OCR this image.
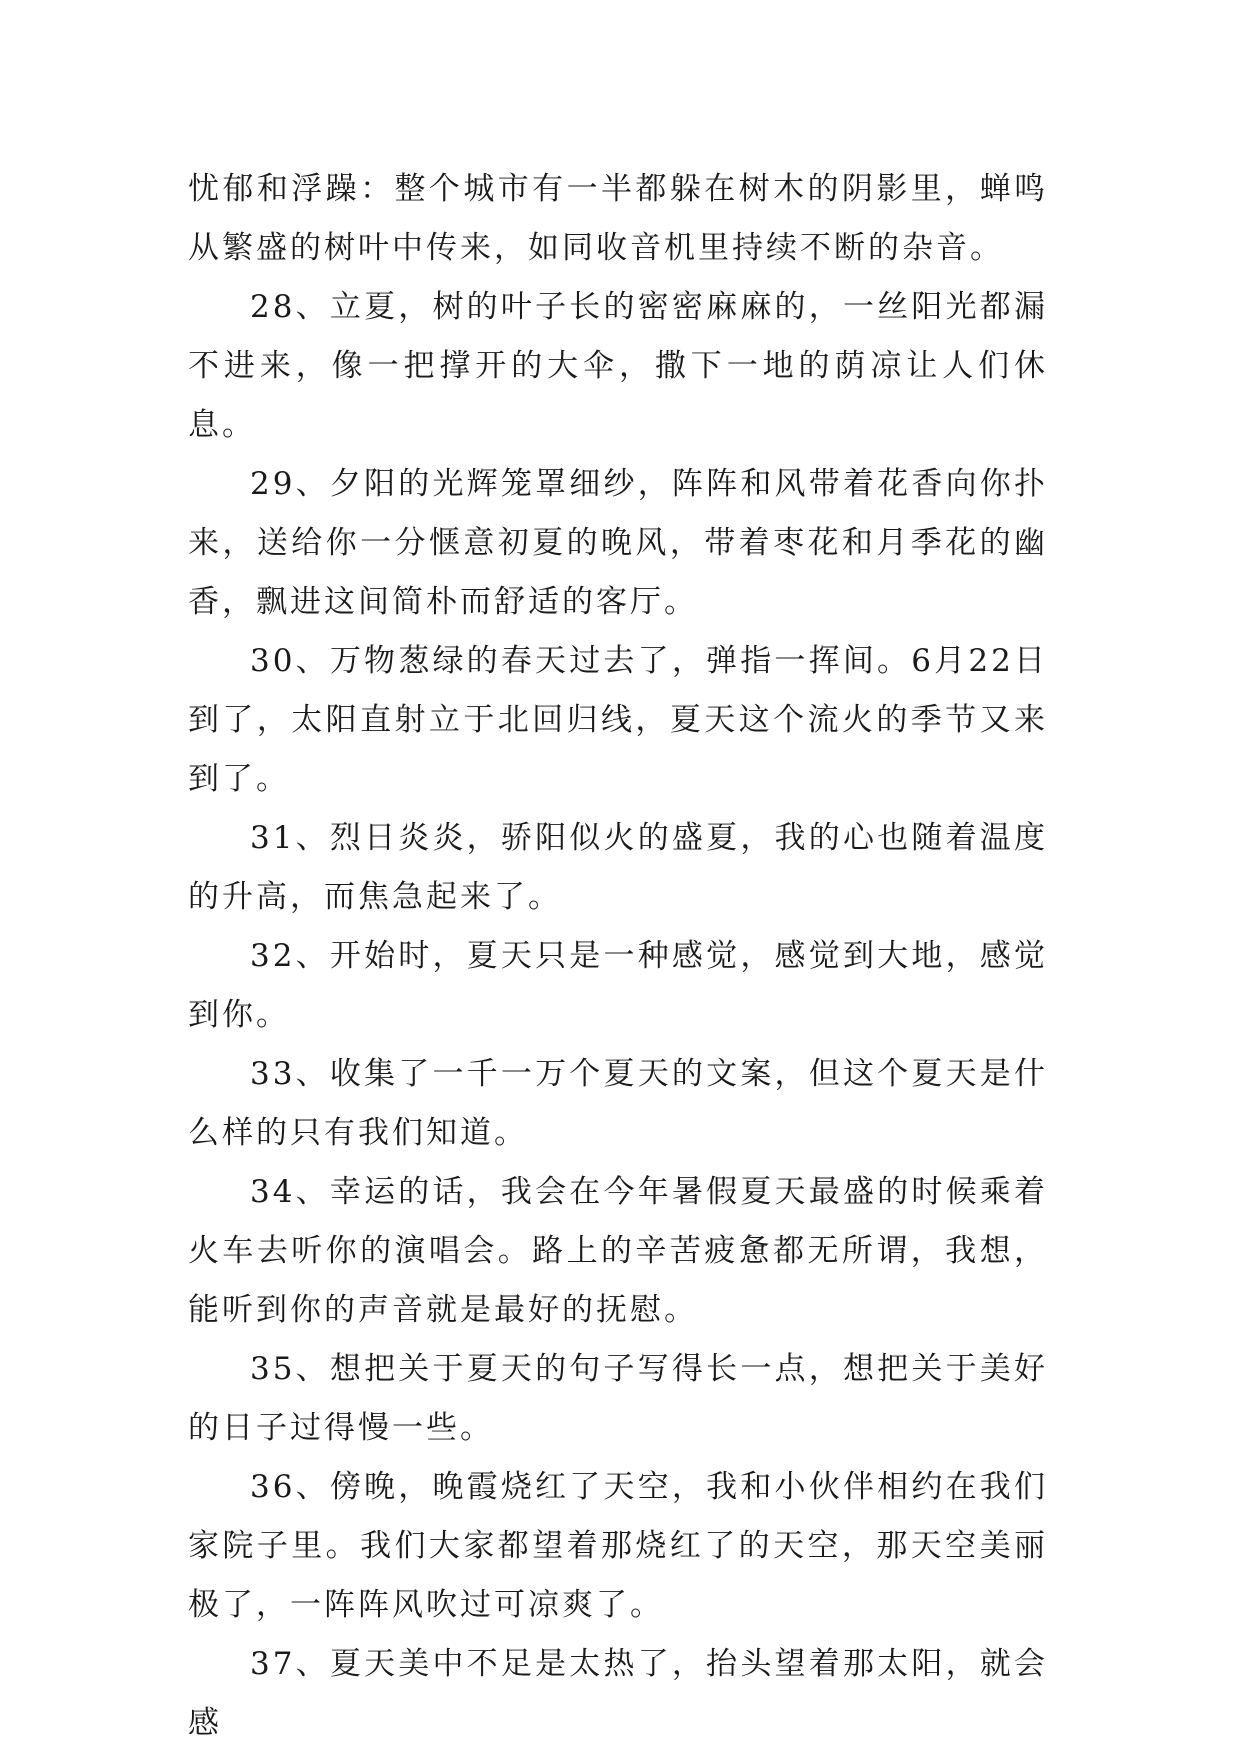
忧郁和浮躁：整个城市有一半都躲在树木的阴影里，蝉鸣从繁盛的树叶中传来，如同收音机里持续不断的杂音。

28、立夏，树的叶子长的密密麻麻的，一丝阳光都漏不进来，像一把撑开的大伞，撒下一地的荫凉让人们休息。

29、夕阳的光辉笼罩细纱，阵阵和风带着花香向你扑来，送给你一分惬意初夏的晚风，带着枣花和月季花的幽香，飘进这间简朴而舒适的客厅。

30、万物葱绿的春天过去了，弹指一挥间。6月22日到了，太阳直射立于北回归线，夏天这个流火的季节又来到了。

31、烈日炎炎，骄阳似火的盛夏，我的心也随着温度的升高，而焦急起来了。

32、开始时，夏天只是一种感觉，感觉到大地，感觉到你。

33、收集了一千一万个夏天的文案，但这个夏天是什么样的只有我们知道。

34、幸运的话，我会在今年暑假夏天最盛的时候乘着火车去听你的演唱会。路上的辛苦疲惫都无所谓，我想，能听到你的声音就是最好的抚慰。

35、想把关于夏天的句子写得长一点，想把关于美好的日子过得慢一些。

36、傍晚，晚霞烧红了天空，我和小伙伴相约在我们家院子里。我们大家都望着那烧红了的天空，那天空美丽极了，一阵阵风吹过可凉爽了。

37、夏天美中不足是太热了，抬头望着那太阳，就会感
